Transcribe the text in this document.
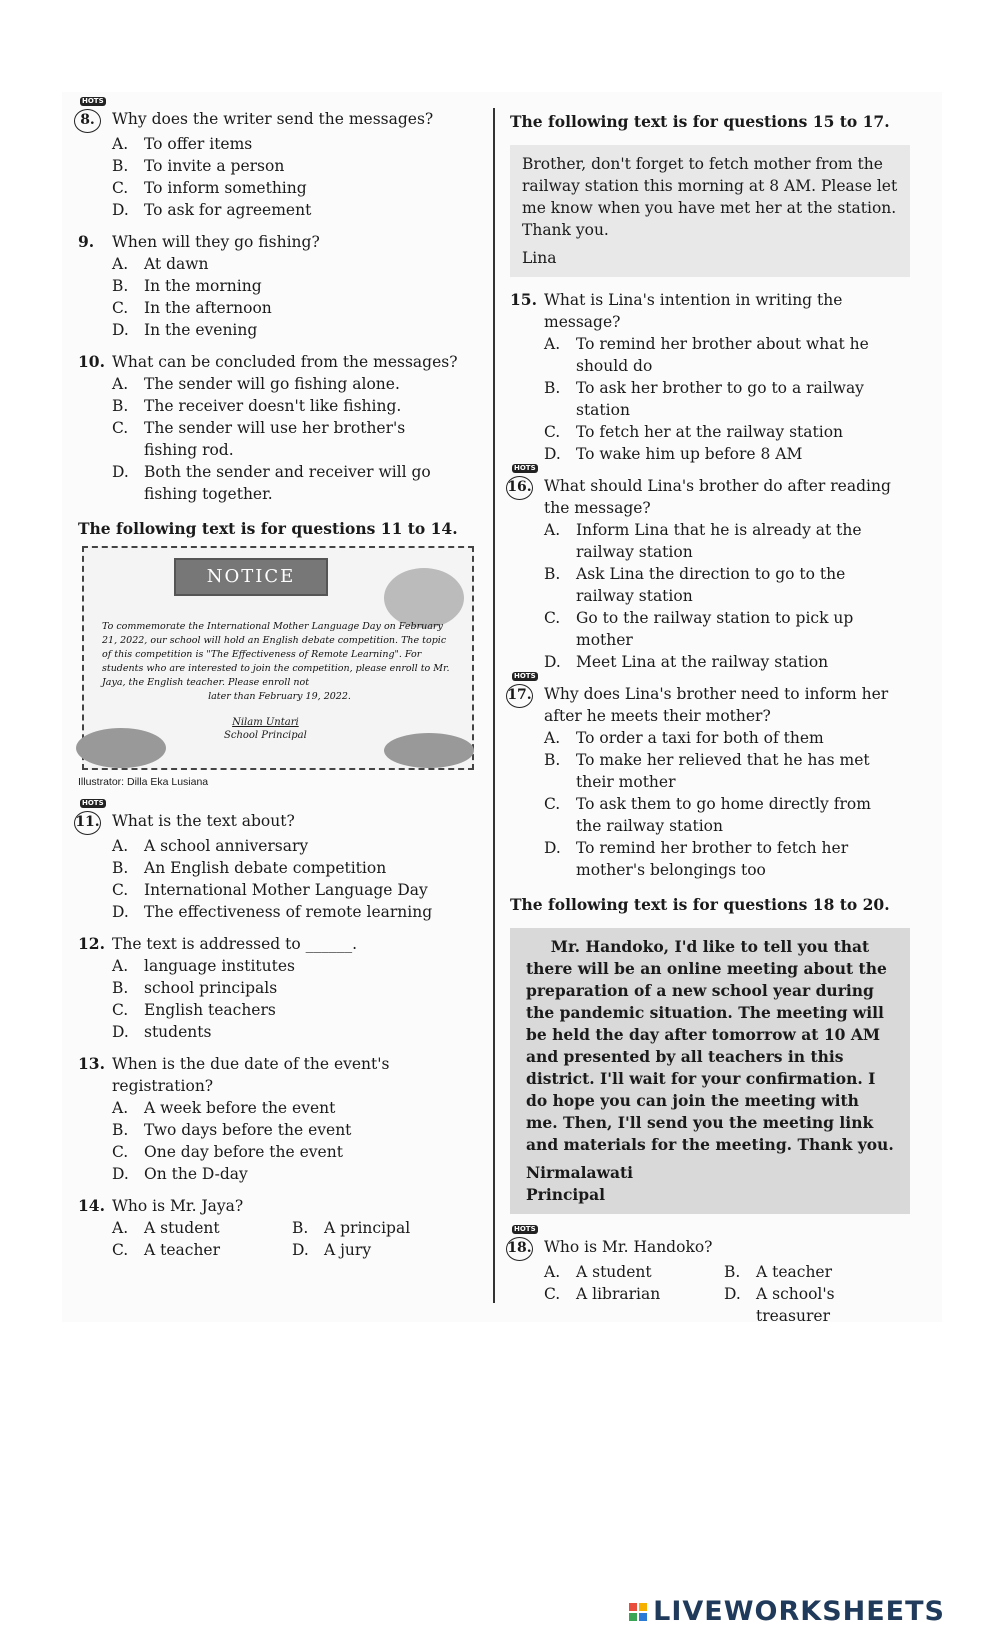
HOTS
8.	Why does the writer send the messages?
A.	To offer items
B.	To invite a person
C.	To inform something
D. To ask for agreement
9.	When will they go fishing?
A.	At dawn
B.	In the morning
C.	In the afternoon
D. In the evening
10. What can be concluded from the messages?
A.	The sender will go fishing alone.
B.	The receiver doesn't like fishing.
C.	The sender will use her brother's fishing rod.
D. Both the sender and receiver will go fishing together.

The following text is for questions 11 to 14.

NOTICE
To commemorate the International Mother Language Day on February 21, 2022, our school will hold an English debate competition. The topic of this competition is "The Effectiveness of Remote Learning". For students who are interested to join the competition, please enroll to Mr. Jaya, the English teacher. Please enroll not
later than February 19, 2022.
Nilam Untari
School Principal

Illustrator: Dilla Eka Lusiana

HOTS
11. What is the text about?
A.	A school anniversary
B.	An English debate competition
C.	International Mother Language Day
D. The effectiveness of remote learning
12. The text is addressed to ______.
A.	language institutes
B.	school principals
C.	English teachers
D. students
13. When is the due date of the event's registration?
A.	A week before the event
B.	Two days before the event
C.	One day before the event
D. On the D-day
14. Who is Mr. Jaya?
A.	A student	B.	A principal
C.	A teacher	D. A jury

The following text is for questions 15 to 17.

Brother, don't forget to fetch mother from the railway station this morning at 8 AM. Please let me know when you have met her at the station. Thank you.
Lina
15. What is Lina's intention in writing the message?
A.	To remind her brother about what he should do
B.	To ask her brother to go to a railway station
C.	To fetch her at the railway station
D. To wake him up before 8 AM
HOTS
16. What should Lina's brother do after reading the message?
A.	Inform Lina that he is already at the railway station
B.	Ask Lina the direction to go to the railway station
C.	Go to the railway station to pick up mother
D. Meet Lina at the railway station
HOTS
17. Why does Lina's brother need to inform her after he meets their mother?
A.	To order a taxi for both of them
B.	To make her relieved that he has met their mother
C.	To ask them to go home directly from the railway station
D. To remind her brother to fetch her mother's belongings too

The following text is for questions 18 to 20.

Mr. Handoko, I'd like to tell you that
there will be an online meeting about the preparation of a new school year during the pandemic situation. The meeting will be held the day after tomorrow at 10 AM and presented by all teachers in this district. I'll wait for your confirmation. I do hope you can join the meeting with me. Then, I'll send you the meeting link and materials for the meeting. Thank you.
Nirmalawati
Principal
HOTS
18. Who is Mr. Handoko?
A.	A student	B.	A teacher
C.	A librarian	D. A school's treasurer
LIVEWORKSHEETS
